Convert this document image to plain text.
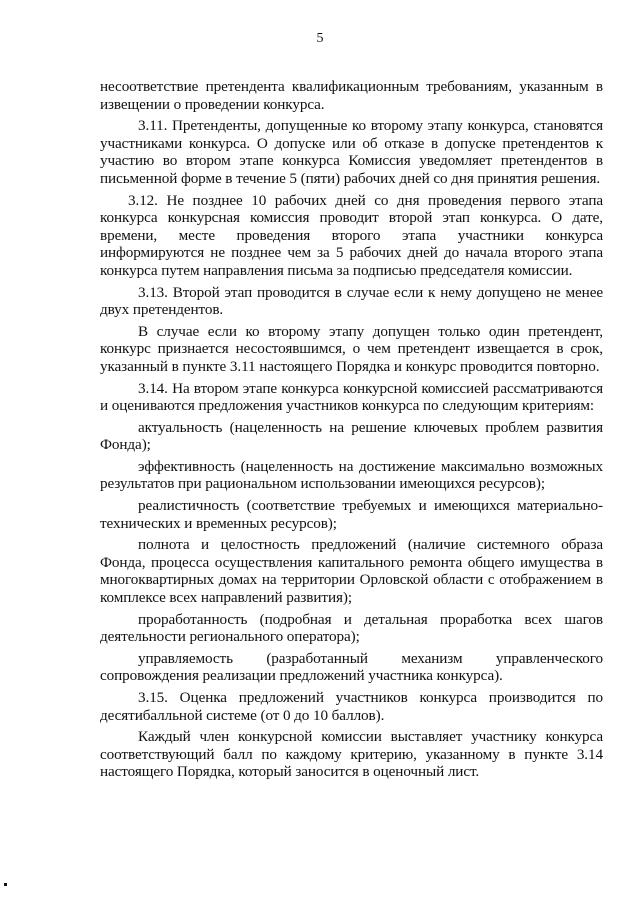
5

несоответствие претендента квалификационным требованиям, указанным в извещении о проведении конкурса.

3.11. Претенденты, допущенные ко второму этапу конкурса, становятся участниками конкурса. О допуске или об отказе в допуске претендентов к участию во втором этапе конкурса Комиссия уведомляет претендентов в письменной форме в течение 5 (пяти) рабочих дней со дня принятия решения.

3.12. Не позднее 10 рабочих дней со дня проведения первого этапа конкурса конкурсная комиссия проводит второй этап конкурса. О дате, времени, месте проведения второго этапа участники конкурса информируются не позднее чем за 5 рабочих дней до начала второго этапа конкурса путем направления письма за подписью председателя комиссии.

3.13. Второй этап проводится в случае если к нему допущено не менее двух претендентов.

В случае если ко второму этапу допущен только один претендент, конкурс признается несостоявшимся, о чем претендент извещается в срок, указанный в пункте 3.11 настоящего Порядка и конкурс проводится повторно.

3.14. На втором этапе конкурса конкурсной комиссией рассматриваются и оцениваются предложения участников конкурса по следующим критериям:

актуальность (нацеленность на решение ключевых проблем развития Фонда);

эффективность (нацеленность на достижение максимально возможных результатов при рациональном использовании имеющихся ресурсов);

реалистичность (соответствие требуемых и имеющихся материально-технических и временных ресурсов);

полнота и целостность предложений (наличие системного образа Фонда, процесса осуществления капитального ремонта общего имущества в многоквартирных домах на территории Орловской области с отображением в комплексе всех направлений развития);

проработанность (подробная и детальная проработка всех шагов деятельности регионального оператора);

управляемость (разработанный механизм управленческого сопровождения реализации предложений участника конкурса).

3.15. Оценка предложений участников конкурса производится по десятибалльной системе (от 0 до 10 баллов).

Каждый член конкурсной комиссии выставляет участнику конкурса соответствующий балл по каждому критерию, указанному в пункте 3.14 настоящего Порядка, который заносится в оценочный лист.
